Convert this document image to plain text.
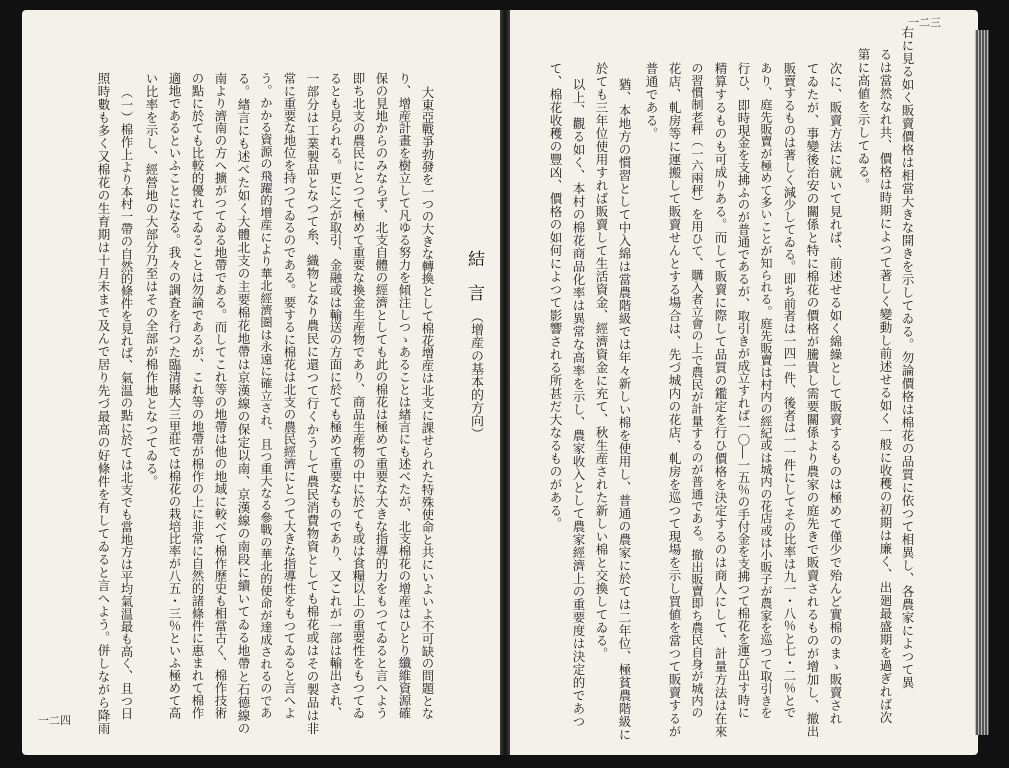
右に見る如く販賣價格は相當大きな開きを示してゐる。勿論價格は棉花の品質に依つて相異し、各農家によつて異
るは當然なれ共、價格は時期によつて著しく變動し前述せる如く一般に收穫の初期は廉く、出廻最盛期を過ぎれば次
第に高値を示してゐる。
次に、販賣方法に就いて見れば、前述せる如く綿繰として販賣するものは極めて僅少で殆んど實棉のまゝ販賣され
てゐたが、事變後治安の關係と特に棉花の價格が騰貴し需要關係より農家の庭先きで販賣されるものが增加し、撤出
販賣するものは著しく減少してゐる。即ち前者は一四一件、後者は一一件にしてその比率は九一・八％と七・二％とで
あり、庭先販賣が極めて多いことが知られる。庭先販賣は村内の經紀或は城内の花店或は小販子が農家を巡つて取引きを
行ひ、即時現金を支拂ふのが普通であるが、取引きが成立すれば一〇―一五％の手付金を支拂つて棉花を運び出す時に
精算するものも可成りある。而して販賣に際して品質の鑑定を行ひ價格を決定するのは商人にして、計量方法は在來
の習慣制老秤（一六兩秤）を用ひて、購入者立會の上で農民が計量するのが普通である。撤出販賣即ち農民自身が城内の
花店、軋房等に運搬して販賣せんとする場合は、先づ城内の花店、軋房を巡つて現場を示し買値を當つて販賣するが
普通である。
猶、本地方の慣習として中入綿は當農階級では年々新しい棉を使用し、普通の農家に於ては二年位、極貧農階級に
於ても三年位使用すれば販賣して生活資金、經濟資金に充て、秋生産された新しい棉と交換してゐる。
以上、觀る如く、本村の棉花商品化率は異常な高率を示し、農家收入として農家經濟上の重要度は決定的であつ
て、棉花收穫の豐凶、價格の如何によつて影響される所甚だ大なるものがある。
一二三
結　言
（增産の基本的方向）
大東亞戰爭勃發を一つの大きな轉換として棉花增産は北支に課せられた特殊使命と共にいよいよ不可缺の問題とな
り、增産計畫を樹立して凡ゆる努力を傾注しつゝあることは緖言にも述べたが、北支棉花の增産はひとり纖維資源確
保の見地からのみならず、北支自體の經濟としても此の棉花は極めて重要な大きな指導的力をもつてゐると言へよう
即ち北支の農民にとつて極めて重要な換金生産物であり、商品生産物の中に於ても或は食糧以上の重要性をもつてゐ
るとも見られる。更に之が取引、金融或は輸送の方面に於ても極めて重要なものであり、又これが一部は輸出され、
一部分は工業製品となつて糸、織物となり農民に還つて行くかうして農民消費物資としても棉花或はその製品は非
常に重要な地位を持つてゐるのである。要するに棉花は北支の農民經濟にとつて大きな指導性をもつてゐると言へよ
う。かかる資源の飛躍的增産により華北經濟圏は永遠に確立され、且つ重大なる參戰の華北的使命が達成されるのであ
る。緖言にも述べた如く大體北支の主要棉花地帶は京漢線の保定以南、京漢線の南段に續いてゐる地帶と石德線の
南より濟南の方へ擴がつてゐる地帶である。而してこれ等の地帶は他の地域に較べて棉作歷史も相當古く、棉作技術
の點に於ても比較的優れてゐることは勿論であるが、これ等の地帶が棉作の上に非常に自然的諸條件に惠まれて棉作
適地であるといふことになる。我々の調査を行つた臨清縣大三里莊では棉花の栽培比率が八五・三％といふ極めて高
い比率を示し、經營地の大部分乃至はその全部が棉作地となつてゐる。
（一）棉作上より本村一帶の自然的條件を見れば、氣温の點に於ては北支でも當地方は平均氣温最も高く、且つ日
照時數も多く又棉花の生育期は十月末まで及んで居り先づ最高の好條件を有してゐると言へよう。併しながら降雨
一二四
